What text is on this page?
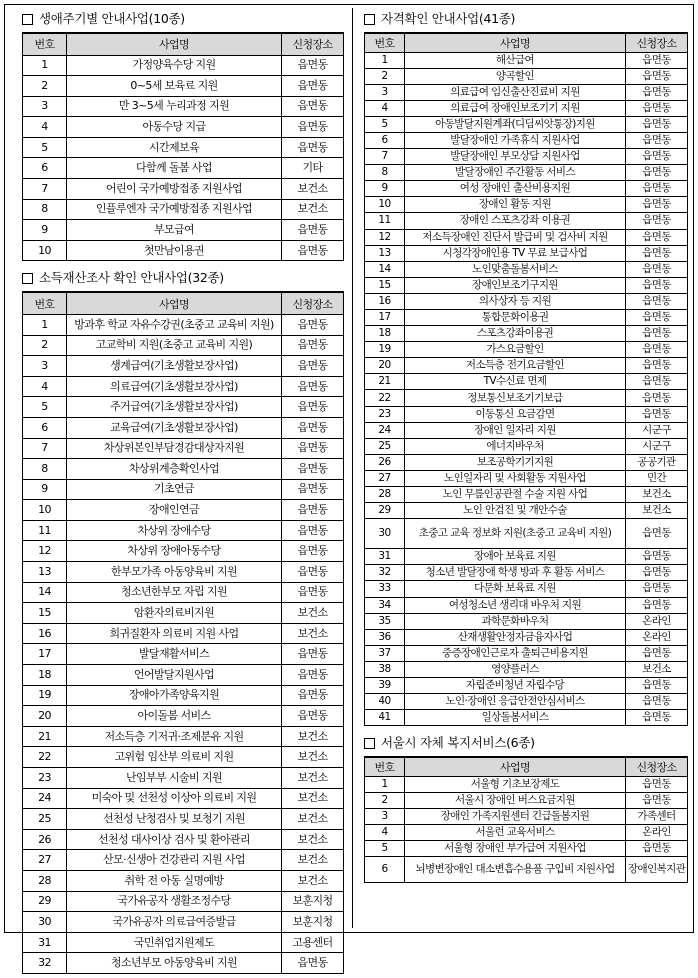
생애주기별 안내사업(10종)
번호	사업명	신청장소
1	가정양육수당 지원	읍면동
2	0~5세 보육료 지원	읍면동
3	만 3~5세 누리과정 지원	읍면동
4	아동수당 지급	읍면동
5	시간제보육	읍면동
6	다함께 돌봄 사업	기타
7	어린이 국가예방접종 지원사업	보건소
8	인플루엔자 국가예방접종 지원사업	보건소
9	부모급여	읍면동
10	첫만남이용권	읍면동
소득재산조사 확인 안내사업(32종)
번호	사업명	신청장소
1	방과후 학교 자유수강권(초중고 교육비 지원)	읍면동
2	고교학비 지원(초중고 교육비 지원)	읍면동
3	생계급여(기초생활보장사업)	읍면동
4	의료급여(기초생활보장사업)	읍면동
5	주거급여(기초생활보장사업)	읍면동
6	교육급여(기초생활보장사업)	읍면동
7	차상위본인부담경감대상자지원	읍면동
8	차상위계층확인사업	읍면동
9	기초연금	읍면동
10	장애인연금	읍면동
11	차상위 장애수당	읍면동
12	차상위 장애아동수당	읍면동
13	한부모가족 아동양육비 지원	읍면동
14	청소년한부모 자립 지원	읍면동
15	암환자의료비지원	보건소
16	희귀질환자 의료비 지원 사업	보건소
17	발달재활서비스	읍면동
18	언어발달지원사업	읍면동
19	장애아가족양육지원	읍면동
20	아이돌봄 서비스	읍면동
21	저소득층 기저귀·조제분유 지원	보건소
22	고위험 임산부 의료비 지원	보건소
23	난임부부 시술비 지원	보건소
24	미숙아 및 선천성 이상아 의료비 지원	보건소
25	선천성 난청검사 및 보청기 지원	보건소
26	선천성 대사이상 검사 및 환아관리	보건소
27	산모·신생아 건강관리 지원 사업	보건소
28	취학 전 아동 실명예방	보건소
29	국가유공자 생활조정수당	보훈지청
30	국가유공자 의료급여증발급	보훈지청
31	국민취업지원제도	고용센터
32	청소년부모 아동양육비 지원	읍면동
자격확인 안내사업(41종)
번호	사업명	신청장소
1	해산급여	읍면동
2	양곡할인	읍면동
3	의료급여 임신출산진료비 지원	읍면동
4	의료급여 장애인보조기기 지원	읍면동
5	아동발달지원계좌(디딤씨앗통장)지원	읍면동
6	발달장애인 가족휴식 지원사업	읍면동
7	발달장애인 부모상담 지원사업	읍면동
8	발달장애인 주간활동 서비스	읍면동
9	여성 장애인 출산비용지원	읍면동
10	장애인 활동 지원	읍면동
11	장애인 스포츠강좌 이용권	읍면동
12	저소득장애인 진단서 발급비 및 검사비 지원	읍면동
13	시청각장애인용 TV 무료 보급사업	읍면동
14	노인맞춤돌봄서비스	읍면동
15	장애인보조기구지원	읍면동
16	의사상자 등 지원	읍면동
17	통합문화이용권	읍면동
18	스포츠강좌이용권	읍면동
19	가스요금할인	읍면동
20	저소득층 전기요금할인	읍면동
21	TV수신료 면제	읍면동
22	정보통신보조기기보급	읍면동
23	이동통신 요금감면	읍면동
24	장애인 일자리 지원	시군구
25	에너지바우처	시군구
26	보조공학기기지원	공공기관
27	노인일자리 및 사회활동 지원사업	민간
28	노인 무릎인공관절 수술 지원 사업	보건소
29	노인 안검진 및 개안수술	보건소
30	초중고 교육 정보화 지원(초중고 교육비 지원)	읍면동
31	장애아 보육료 지원	읍면동
32	청소년 발달장애 학생 방과 후 활동 서비스	읍면동
33	다문화 보육료 지원	읍면동
34	여성청소년 생리대 바우처 지원	읍면동
35	과학문화바우처	온라인
36	산재생활안정자금융자사업	온라인
37	중증장애인근로자 출퇴근비용지원	읍면동
38	영양플러스	보건소
39	자립준비청년 자립수당	읍면동
40	노인·장애인 응급안전안심서비스	읍면동
41	일상돌봄서비스	읍면동
서울시 자체 복지서비스(6종)
번호	사업명	신청장소
1	서울형 기초보장제도	읍면동
2	서울시 장애인 버스요금지원	읍면동
3	장애인 가족지원센터 긴급돌봄지원	가족센터
4	서울런 교육서비스	온라인
5	서울형 장애인 부가급여 지원사업	읍면동
6	뇌병변장애인 대소변흡수용품 구입비 지원사업	장애인복지관
